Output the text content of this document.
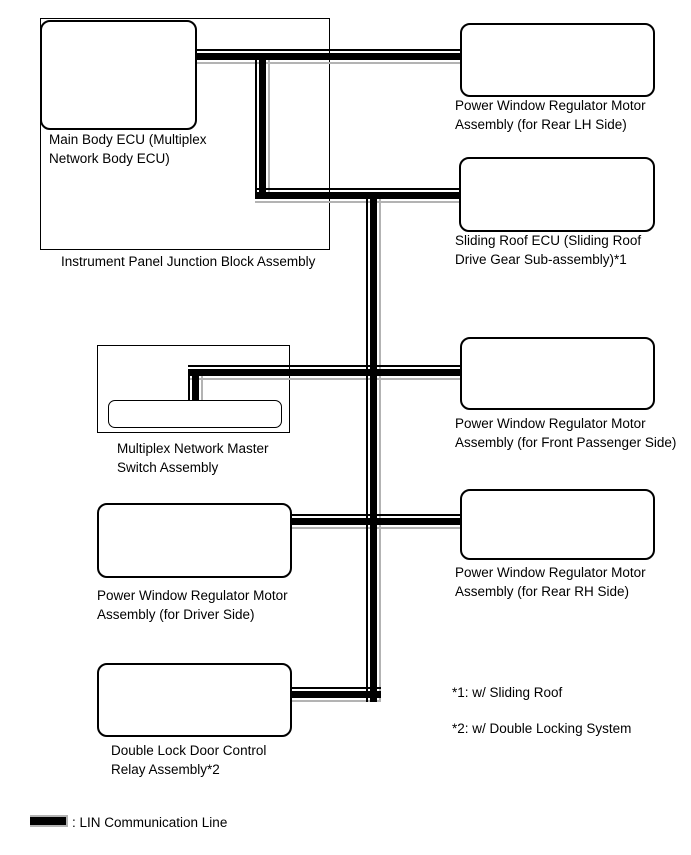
Main Body ECU (Multiplex Network Body ECU)
Instrument Panel Junction Block Assembly
Power Window Regulator Motor Assembly (for Rear LH Side)
Sliding Roof ECU (Sliding Roof Drive Gear Sub-assembly)*1
Multiplex Network Master Switch Assembly
Power Window Regulator Motor Assembly (for Front Passenger Side)
Power Window Regulator Motor Assembly (for Rear RH Side)
Power Window Regulator Motor Assembly (for Driver Side)
Double Lock Door Control Relay Assembly*2
*1: w/ Sliding Roof
*2: w/ Double Locking System
: LIN Communication Line
